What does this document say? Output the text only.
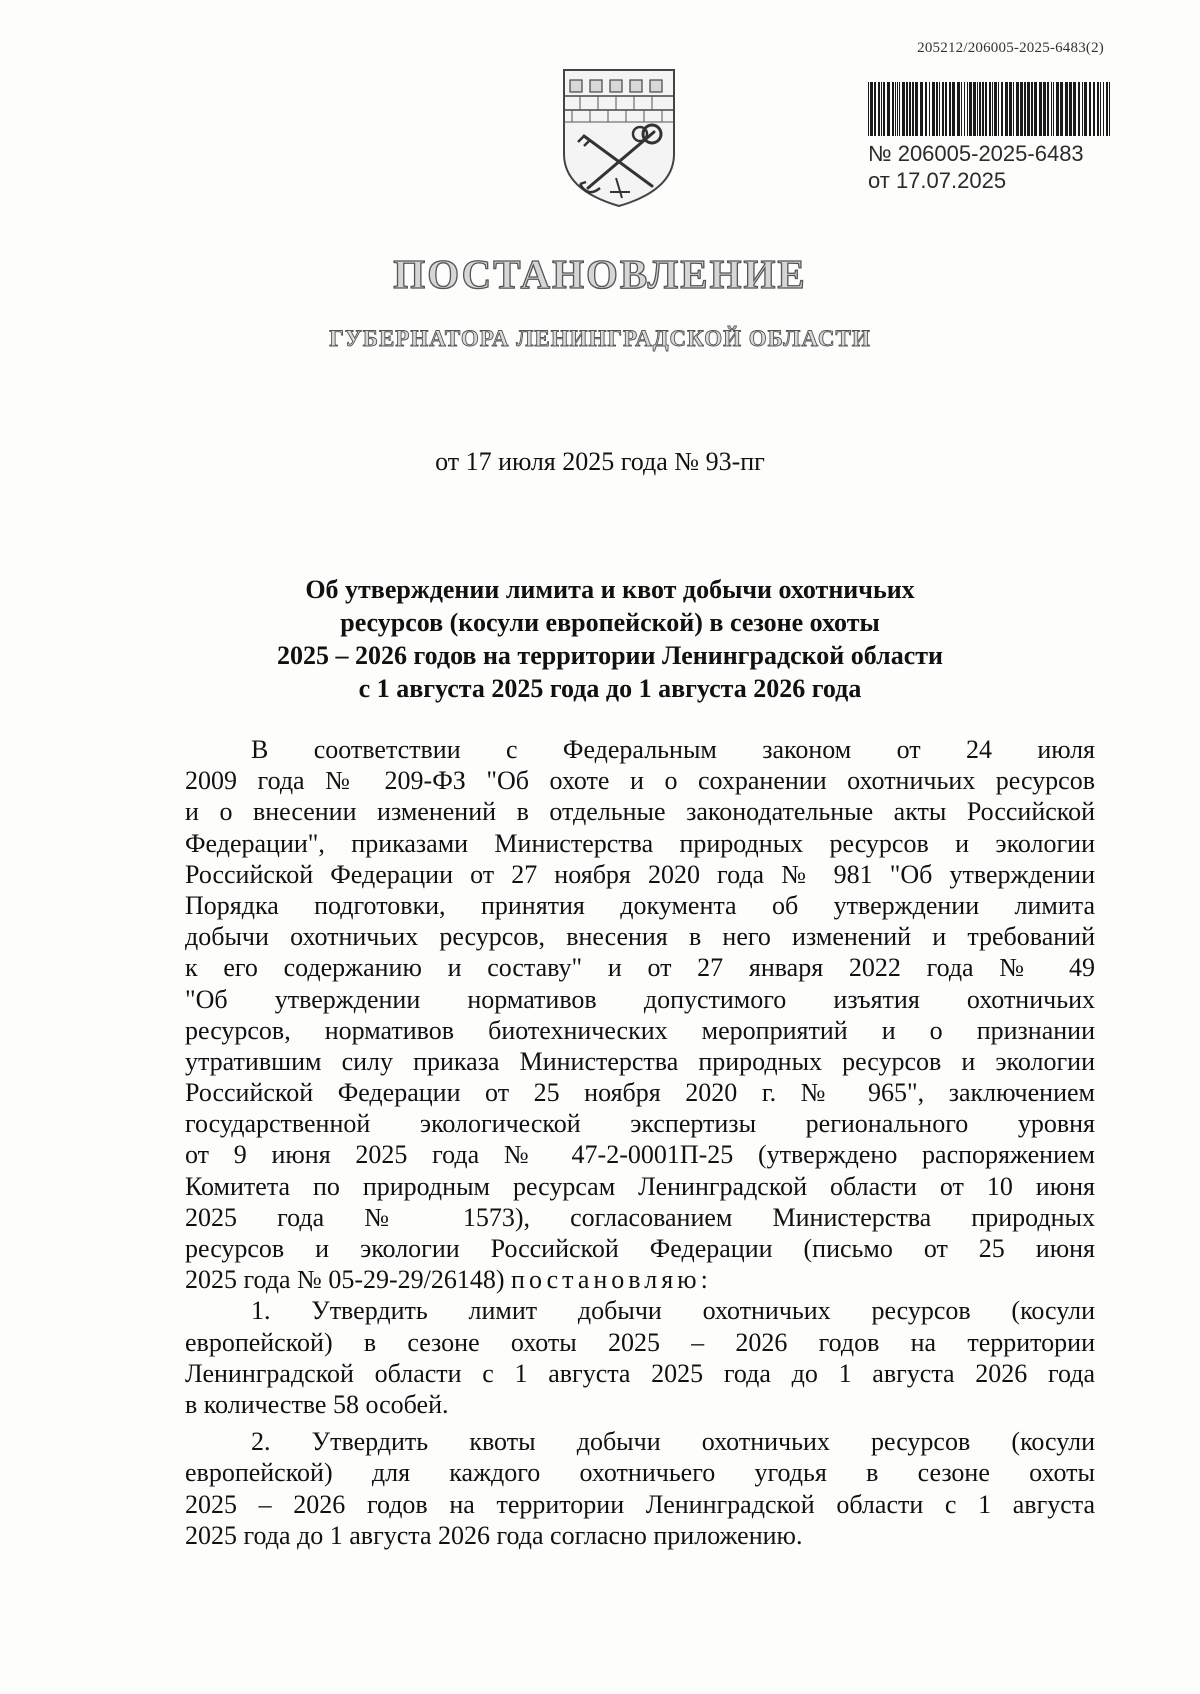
205212/206005-2025-6483(2)
№ 206005-2025-6483
от 17.07.2025
ПОСТАНОВЛЕНИЕ
ГУБЕРНАТОРА ЛЕНИНГРАДСКОЙ ОБЛАСТИ
от 17 июля 2025 года № 93-пг
Об утверждении лимита и квот добычи охотничьих
ресурсов (косули европейской) в сезоне охоты
2025 – 2026 годов на территории Ленинградской области
с 1 августа 2025 года до 1 августа 2026 года
В соответствии с Федеральным законом от 24 июля
2009 года № 209-ФЗ "Об охоте и о сохранении охотничьих ресурсов
и о внесении изменений в отдельные законодательные акты Российской
Федерации", приказами Министерства природных ресурсов и экологии
Российской Федерации от 27 ноября 2020 года № 981 "Об утверждении
Порядка подготовки, принятия документа об утверждении лимита
добычи охотничьих ресурсов, внесения в него изменений и требований
к его содержанию и составу" и от 27 января 2022 года № 49
"Об утверждении нормативов допустимого изъятия охотничьих
ресурсов, нормативов биотехнических мероприятий и о признании
утратившим силу приказа Министерства природных ресурсов и экологии
Российской Федерации от 25 ноября 2020 г. № 965", заключением
государственной экологической экспертизы регионального уровня
от 9 июня 2025 года № 47-2-0001П-25 (утверждено распоряжением
Комитета по природным ресурсам Ленинградской области от 10 июня
2025 года № 1573), согласованием Министерства природных
ресурсов и экологии Российской Федерации (письмо от 25 июня
2025 года № 05-29-29/26148) постановляю:
1. Утвердить лимит добычи охотничьих ресурсов (косули
европейской) в сезоне охоты 2025 – 2026 годов на территории
Ленинградской области с 1 августа 2025 года до 1 августа 2026 года
в количестве 58 особей.
2. Утвердить квоты добычи охотничьих ресурсов (косули
европейской) для каждого охотничьего угодья в сезоне охоты
2025 – 2026 годов на территории Ленинградской области с 1 августа
2025 года до 1 августа 2026 года согласно приложению.
